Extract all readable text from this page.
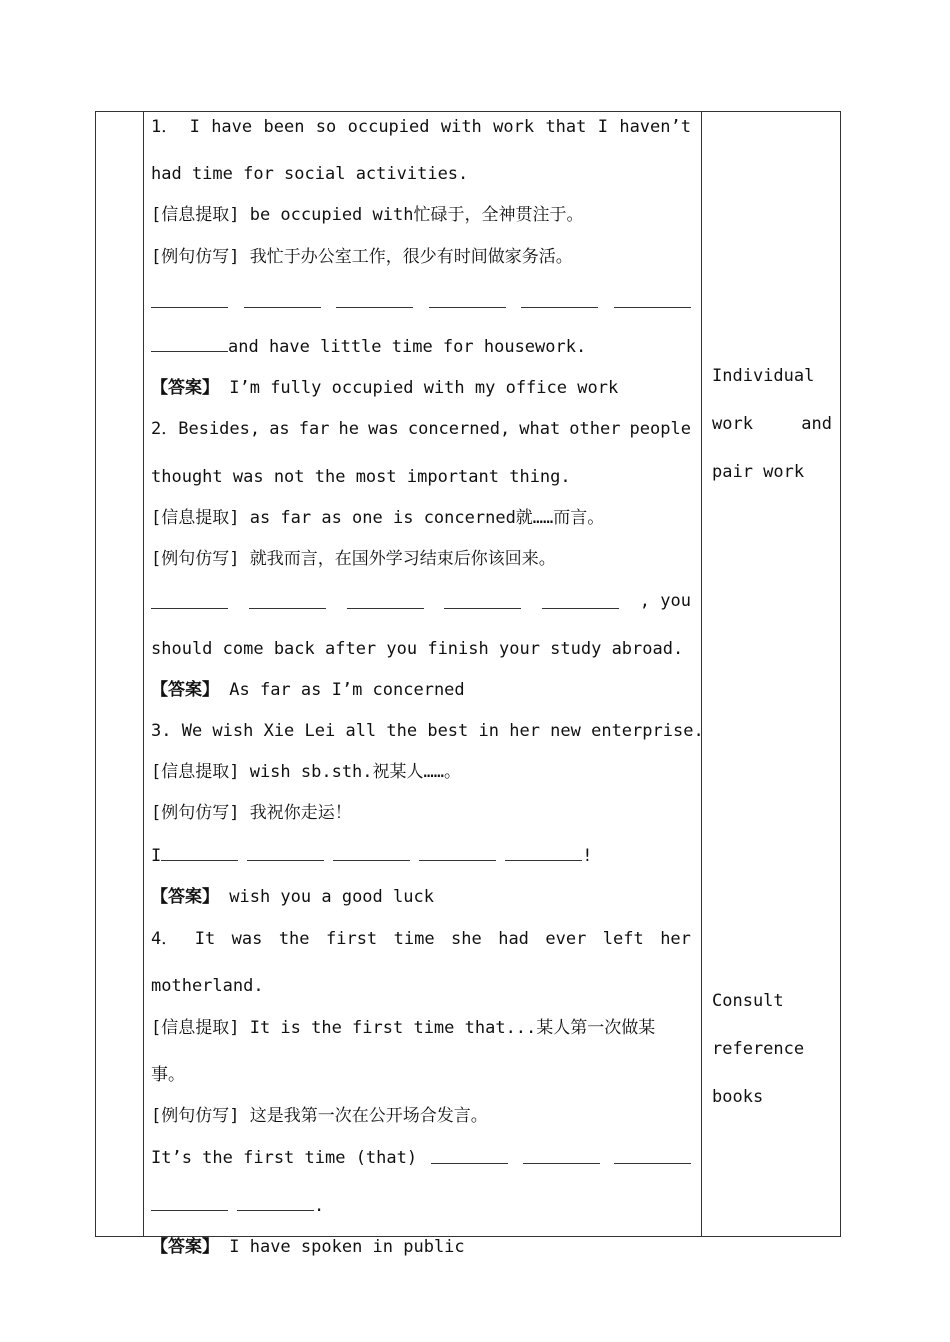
1． I have been so occupied with work that I haven’t
had time for social activities.
[信息提取] be occupied with忙碌于，全神贯注于。
[例句仿写] 我忙于办公室工作，很少有时间做家务活。
and have little time for housework.
【答案】 I’m fully occupied with my office work
2．Besides, as far he was concerned, what other people
thought was not the most important thing.
[信息提取] as far as one is concerned就……而言。
[例句仿写] 就我而言，在国外学习结束后你该回来。
, you
should come back after you finish your study abroad.
【答案】 As far as I’m concerned
3. We wish Xie Lei all the best in her new enterprise.
[信息提取] wish sb.sth.祝某人……。
[例句仿写] 我祝你走运！
I	!
【答案】 wish you a good luck
4． It was the first time she had ever left her
motherland.
[信息提取] It is the first time that...某人第一次做某
事。
[例句仿写] 这是我第一次在公开场合发言。
It’s the first time (that)
.
【答案】 I have spoken in public
Individual
work	and
pair work
Consult
reference
books
